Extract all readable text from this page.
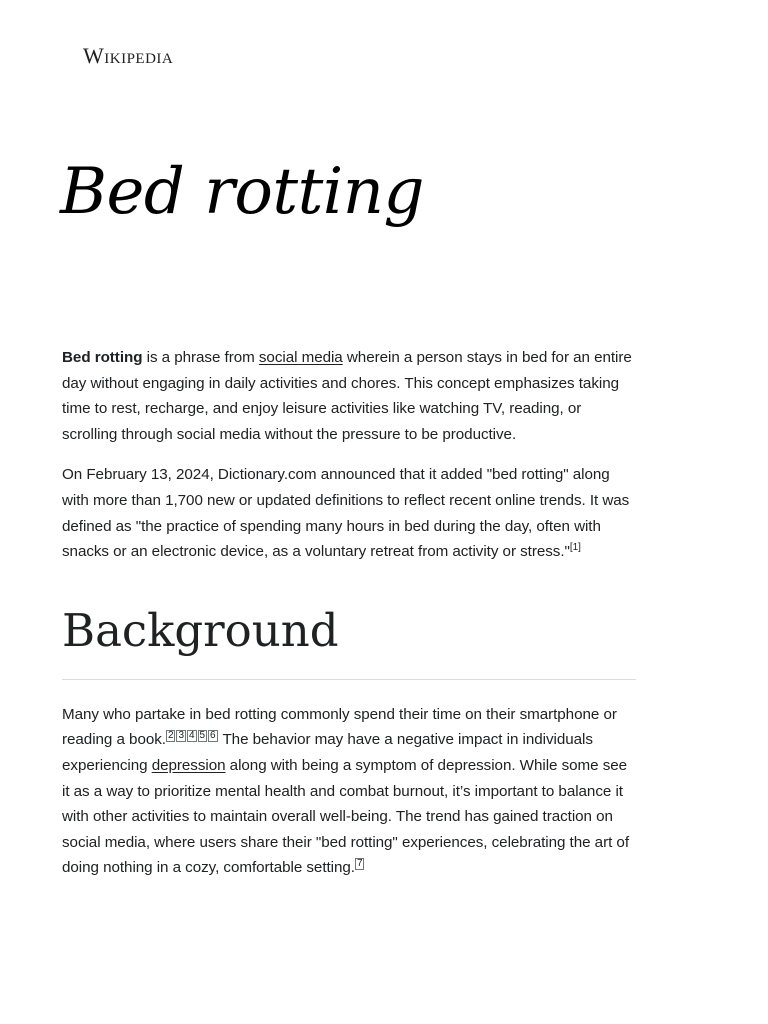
Wikipedia
Bed rotting

Bed rotting is a phrase from social media wherein a person stays in bed for an entire day without engaging in daily activities and chores. This concept emphasizes taking time to rest, recharge, and enjoy leisure activities like watching TV, reading, or scrolling through social media without the pressure to be productive.

On February 13, 2024, Dictionary.com announced that it added "bed rotting" along with more than 1,700 new or updated definitions to reflect recent online trends. It was defined as "the practice of spending many hours in bed during the day, often with snacks or an electronic device, as a voluntary retreat from activity or stress."[1]

Background

Many who partake in bed rotting commonly spend their time on their smartphone or reading a book. $^{2 3 4 5 6}$ The behavior may have a negative impact in individuals experiencing depression along with being a symptom of depression. While some see it as a way to prioritize mental health and combat burnout, it’s important to balance it with other activities to maintain overall well-being. The trend has gained traction on social media, where users share their "bed rotting" experiences, celebrating the art of doing nothing in a cozy, comfortable setting. $^7$
